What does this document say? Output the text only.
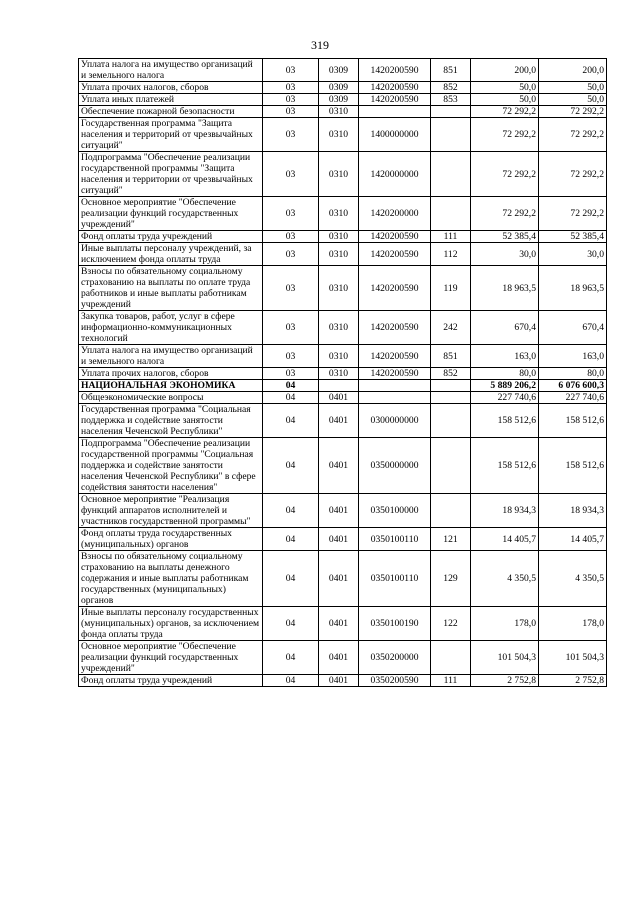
319
Уплата налога на имущество организаций и земельного налога	03	0309	1420200590	851	200,0	200,0
Уплата прочих налогов, сборов	03	0309	1420200590	852	50,0	50,0
Уплата иных платежей	03	0309	1420200590	853	50,0	50,0
Обеспечение пожарной безопасности	03	0310			72 292,2	72 292,2
Государственная программа "Защита населения и территорий от чрезвычайных ситуаций"	03	0310	1400000000		72 292,2	72 292,2
Подпрограмма "Обеспечение реализации государственной программы "Защита населения и территории от чрезвычайных ситуаций"	03	0310	1420000000		72 292,2	72 292,2
Основное мероприятие "Обеспечение реализации функций государственных учреждений"	03	0310	1420200000		72 292,2	72 292,2
Фонд оплаты труда учреждений	03	0310	1420200590	111	52 385,4	52 385,4
Иные выплаты персоналу учреждений, за исключением фонда оплаты труда	03	0310	1420200590	112	30,0	30,0
Взносы по обязательному социальному страхованию на выплаты по оплате труда работников и иные выплаты работникам учреждений	03	0310	1420200590	119	18 963,5	18 963,5
Закупка товаров, работ, услуг в сфере информационно-коммуникационных технологий	03	0310	1420200590	242	670,4	670,4
Уплата налога на имущество организаций и земельного налога	03	0310	1420200590	851	163,0	163,0
Уплата прочих налогов, сборов	03	0310	1420200590	852	80,0	80,0
НАЦИОНАЛЬНАЯ ЭКОНОМИКА	04				5 889 206,2	6 076 600,3
Общеэкономические вопросы	04	0401			227 740,6	227 740,6
Государственная программа "Социальная поддержка и содействие занятости населения Чеченской Республики"	04	0401	0300000000		158 512,6	158 512,6
Подпрограмма "Обеспечение реализации государственной программы "Социальная поддержка и содействие занятости населения Чеченской Республики" в сфере содействия занятости населения"	04	0401	0350000000		158 512,6	158 512,6
Основное мероприятие "Реализация функций аппаратов исполнителей и участников государственной программы"	04	0401	0350100000		18 934,3	18 934,3
Фонд оплаты труда государственных (муниципальных) органов	04	0401	0350100110	121	14 405,7	14 405,7
Взносы по обязательному социальному страхованию на выплаты денежного содержания и иные выплаты работникам государственных (муниципальных) органов	04	0401	0350100110	129	4 350,5	4 350,5
Иные выплаты персоналу государственных (муниципальных) органов, за исключением фонда оплаты труда	04	0401	0350100190	122	178,0	178,0
Основное мероприятие "Обеспечение реализации функций государственных учреждений"	04	0401	0350200000		101 504,3	101 504,3
Фонд оплаты труда учреждений	04	0401	0350200590	111	2 752,8	2 752,8
